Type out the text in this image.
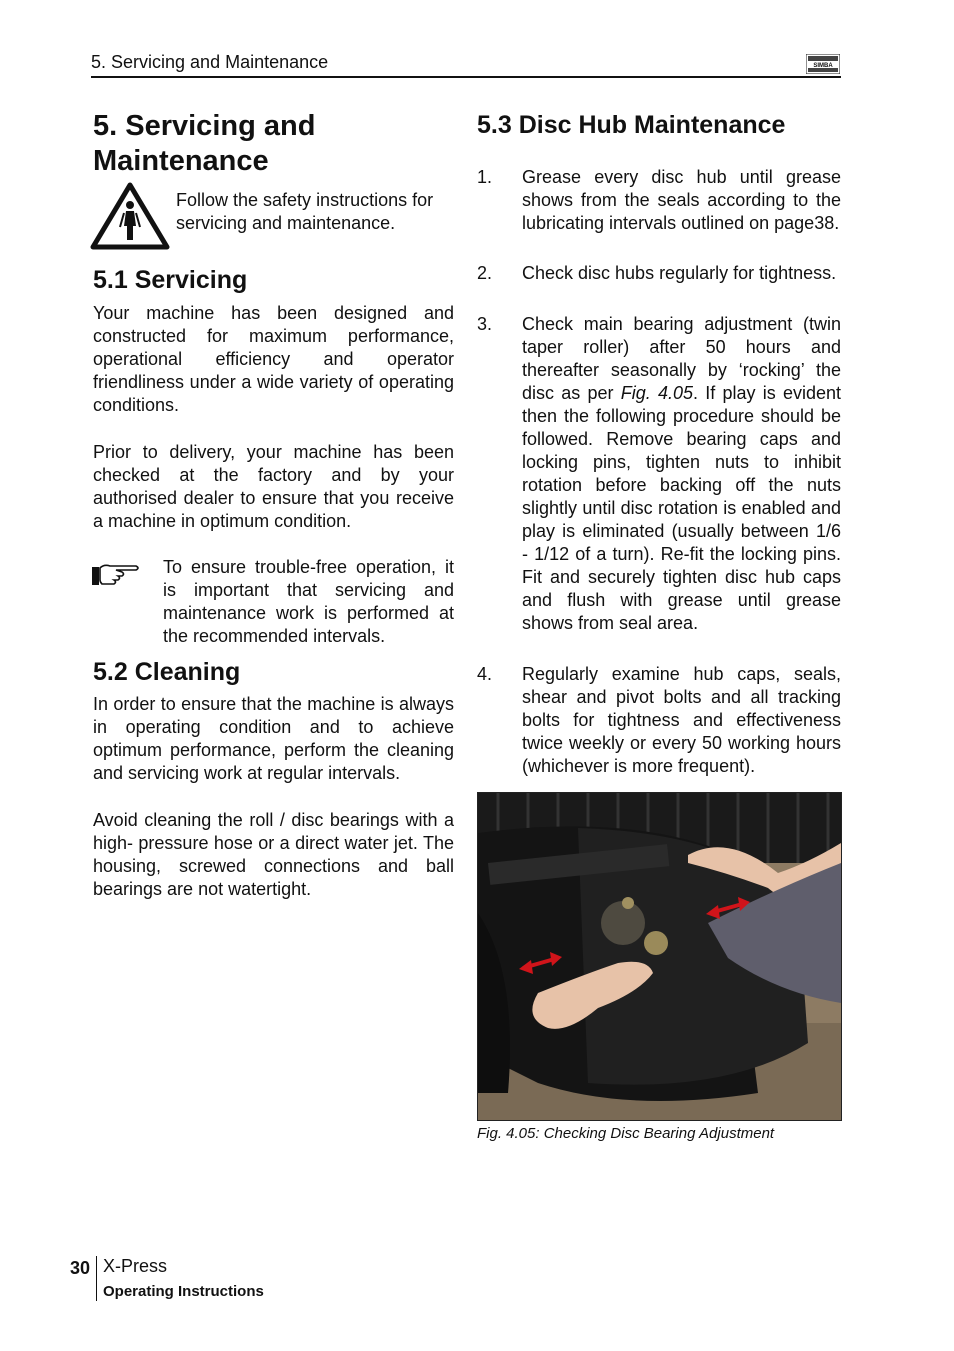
5. Servicing and Maintenance	SIMBA
5. Servicing and Maintenance
Follow the safety instructions for servicing and maintenance.
5.1 Servicing
Your machine has been designed and constructed for maximum performance, operational efficiency and operator friendliness under a wide variety of operating conditions.
Prior to delivery, your machine has been checked at the factory and by your authorised dealer to ensure that you receive a machine in optimum condition.
To ensure trouble-free operation, it is important that servicing and maintenance work is performed at the recommended intervals.
5.2 Cleaning
In order to ensure that the machine is always in operating condition and to achieve optimum performance, perform the cleaning and servicing work at regular intervals.
Avoid cleaning the roll / disc bearings with a high- pressure hose or a direct water jet. The housing, screwed connections and ball bearings are not watertight.
5.3 Disc Hub Maintenance
1. Grease every disc hub until grease shows from the seals according to the lubricating intervals outlined on page38.
2. Check disc hubs regularly for tightness.
3. Check main bearing adjustment (twin taper roller) after 50 hours and thereafter seasonally by ‘rocking’ the disc as per Fig. 4.05. If play is evident then the following procedure should be followed. Remove bearing caps and locking pins, tighten nuts to inhibit rotation before backing off the nuts slightly until disc rotation is enabled and play is eliminated (usually between 1/6 - 1/12 of a turn). Re-fit the locking pins. Fit and securely tighten disc hub caps and flush with grease until grease shows from seal area.
4. Regularly examine hub caps, seals, shear and pivot bolts and all tracking bolts for tightness and effectiveness twice weekly or every 50 working hours (whichever is more frequent).
Fig. 4.05: Checking Disc Bearing Adjustment
30 X-Press
Operating Instructions
